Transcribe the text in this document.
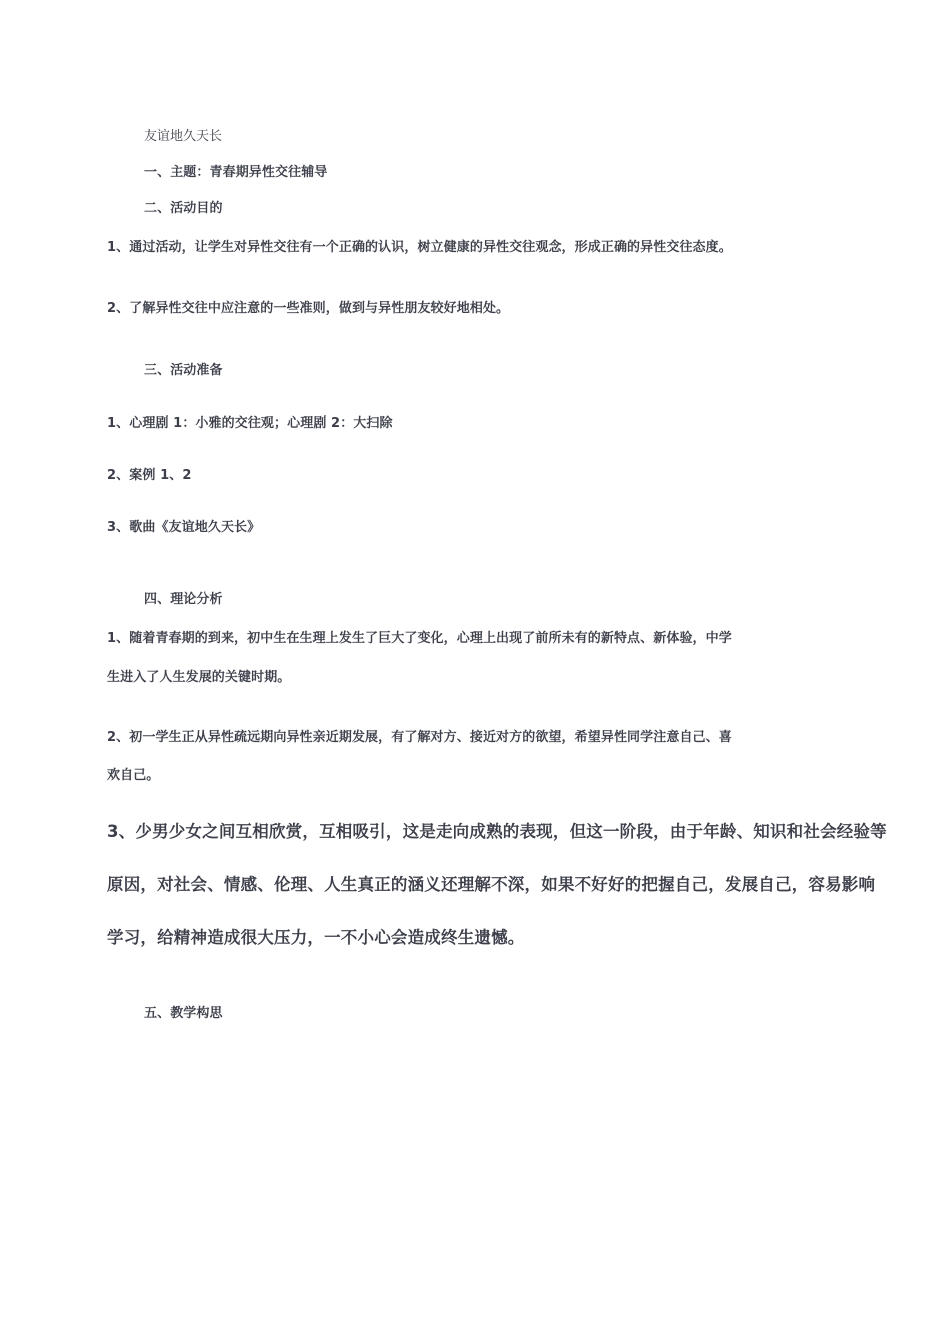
友谊地久天长

一、主题：青春期异性交往辅导

二、活动目的

1、通过活动，让学生对异性交往有一个正确的认识，树立健康的异性交往观念，形成正确的异性交往态度。

2、了解异性交往中应注意的一些准则，做到与异性朋友较好地相处。

三、活动准备

1、心理剧 1：小雅的交往观；心理剧 2：大扫除

2、案例 1、2

3、歌曲《友谊地久天长》

四、理论分析

1、随着青春期的到来，初中生在生理上发生了巨大了变化，心理上出现了前所未有的新特点、新体验，中学

生进入了人生发展的关键时期。

2、初一学生正从异性疏远期向异性亲近期发展，有了解对方、接近对方的欲望，希望异性同学注意自己、喜

欢自己。

3、少男少女之间互相欣赏，互相吸引，这是走向成熟的表现，但这一阶段，由于年龄、知识和社会经验等

原因，对社会、情感、伦理、人生真正的涵义还理解不深，如果不好好的把握自己，发展自己，容易影响

学习，给精神造成很大压力，一不小心会造成终生遗憾。

五、教学构思
